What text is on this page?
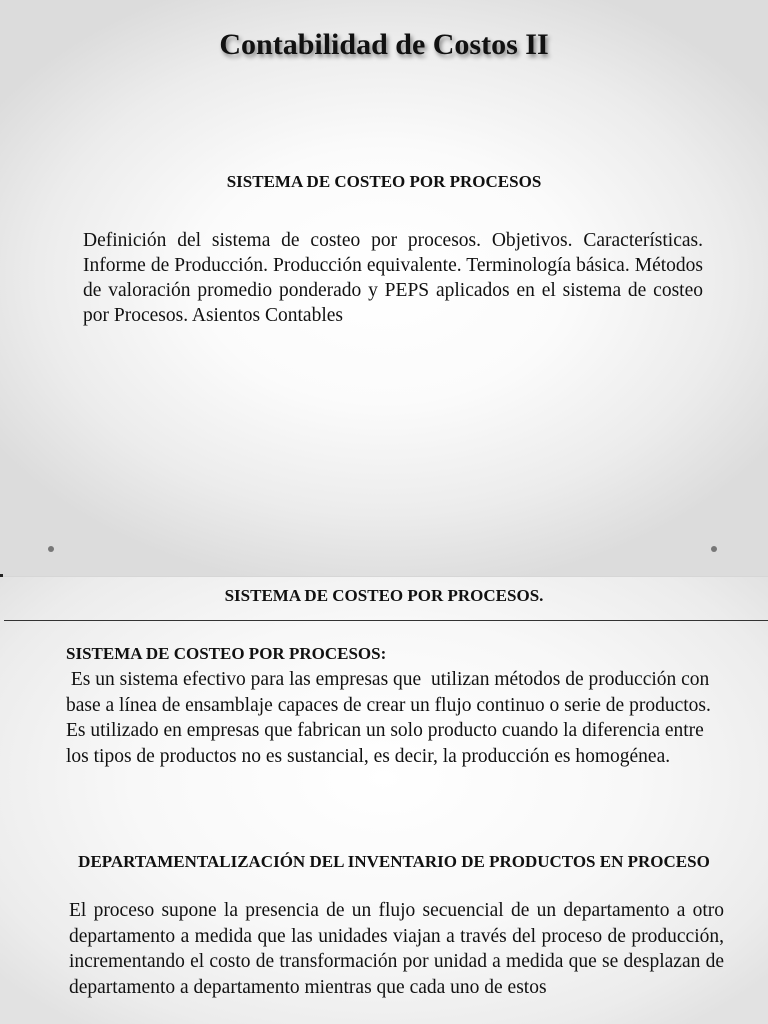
Contabilidad de Costos II
SISTEMA DE COSTEO POR PROCESOS

Definición del sistema de costeo por procesos. Objetivos. Características. Informe de Producción. Producción equivalente. Terminología básica. Métodos de valoración promedio ponderado y PEPS aplicados en el sistema de costeo por Procesos. Asientos Contables

SISTEMA DE COSTEO POR PROCESOS.
SISTEMA DE COSTEO POR PROCESOS:

Es un sistema efectivo para las empresas que  utilizan métodos de producción con base a línea de ensamblaje capaces de crear un flujo continuo o serie de productos.  Es utilizado en empresas que fabrican un solo producto cuando la diferencia entre los tipos de productos no es sustancial, es decir, la producción es homogénea.

DEPARTAMENTALIZACIÓN DEL INVENTARIO DE PRODUCTOS EN PROCESO

El proceso supone la presencia de un flujo secuencial de un departamento a otro departamento a medida que las unidades viajan a través del proceso de producción, incrementando el costo de transformación por unidad a medida que se desplazan de departamento a departamento mientras que cada uno de estos
